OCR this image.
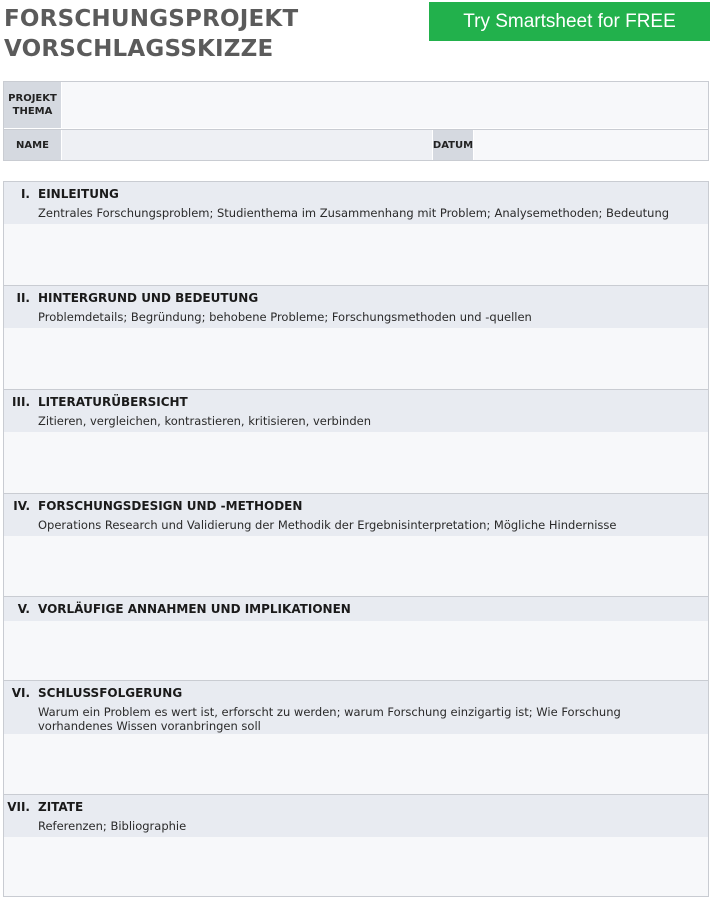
FORSCHUNGSPROJEKT
VORSCHLAGSSKIZZE
Try Smartsheet for FREE
PROJEKT THEMA
NAME	DATUM
I. EINLEITUNG
Zentrales Forschungsproblem; Studienthema im Zusammenhang mit Problem; Analysemethoden; Bedeutung
II. HINTERGRUND UND BEDEUTUNG
Problemdetails; Begründung; behobene Probleme; Forschungsmethoden und -quellen
III. LITERATURÜBERSICHT
Zitieren, vergleichen, kontrastieren, kritisieren, verbinden
IV. FORSCHUNGSDESIGN UND -METHODEN
Operations Research und Validierung der Methodik der Ergebnisinterpretation; Mögliche Hindernisse
V. VORLÄUFIGE ANNAHMEN UND IMPLIKATIONEN
VI. SCHLUSSFOLGERUNG
Warum ein Problem es wert ist, erforscht zu werden; warum Forschung einzigartig ist; Wie Forschung vorhandenes Wissen voranbringen soll
VII. ZITATE
Referenzen; Bibliographie
